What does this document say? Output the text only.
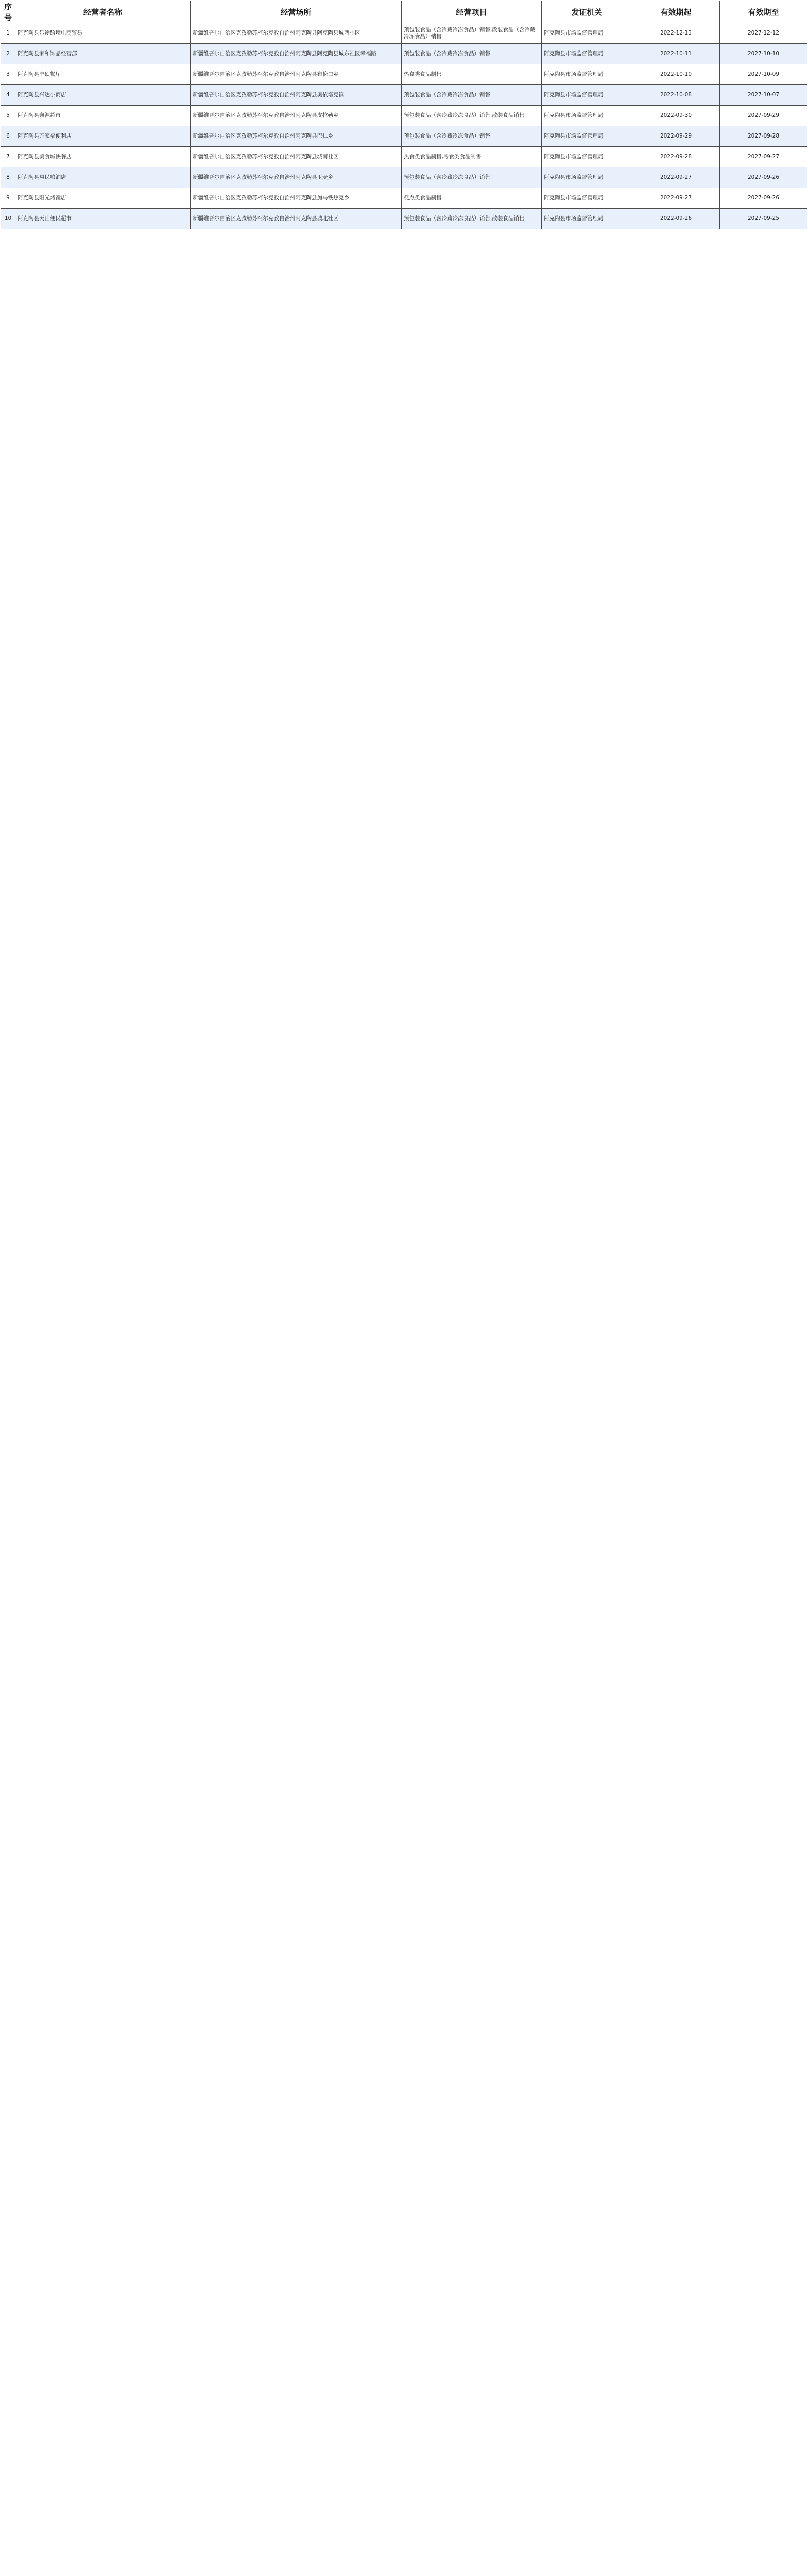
序号	经营者名称	经营场所	经营项目	发证机关	有效期起	有效期至
1	阿克陶县乐途跨境电商贸易	新疆维吾尔自治区克孜勒苏柯尔克孜自治州阿克陶县阿克陶县城西小区	预包装食品（含冷藏冷冻食品）销售,散装食品（含冷藏冷冻食品）销售	阿克陶县市场监督管理局	2022-12-13	2027-12-12
2	阿克陶县家和饰品经营部	新疆维吾尔自治区克孜勒苏柯尔克孜自治州阿克陶县阿克陶县城东社区幸福路	预包装食品（含冷藏冷冻食品）销售	阿克陶县市场监督管理局	2022-10-11	2027-10-10
3	阿克陶县丰硕餐厅	新疆维吾尔自治区克孜勒苏柯尔克孜自治州阿克陶县布伦口乡	热食类食品制售	阿克陶县市场监督管理局	2022-10-10	2027-10-09
4	阿克陶县兴达小商店	新疆维吾尔自治区克孜勒苏柯尔克孜自治州阿克陶县奥依塔克镇	预包装食品（含冷藏冷冻食品）销售	阿克陶县市场监督管理局	2022-10-08	2027-10-07
5	阿克陶县鑫源超市	新疆维吾尔自治区克孜勒苏柯尔克孜自治州阿克陶县皮拉勒乡	预包装食品（含冷藏冷冻食品）销售,散装食品销售	阿克陶县市场监督管理局	2022-09-30	2027-09-29
6	阿克陶县万家福便利店	新疆维吾尔自治区克孜勒苏柯尔克孜自治州阿克陶县巴仁乡	预包装食品（含冷藏冷冻食品）销售	阿克陶县市场监督管理局	2022-09-29	2027-09-28
7	阿克陶县美食城快餐店	新疆维吾尔自治区克孜勒苏柯尔克孜自治州阿克陶县城南社区	热食类食品制售,冷食类食品制售	阿克陶县市场监督管理局	2022-09-28	2027-09-27
8	阿克陶县惠民粮油店	新疆维吾尔自治区克孜勒苏柯尔克孜自治州阿克陶县玉麦乡	预包装食品（含冷藏冷冻食品）销售	阿克陶县市场监督管理局	2022-09-27	2027-09-26
9	阿克陶县阳光烤馕店	新疆维吾尔自治区克孜勒苏柯尔克孜自治州阿克陶县加马铁热克乡	糕点类食品制售	阿克陶县市场监督管理局	2022-09-27	2027-09-26
10	阿克陶县天山便民超市	新疆维吾尔自治区克孜勒苏柯尔克孜自治州阿克陶县城北社区	预包装食品（含冷藏冷冻食品）销售,散装食品销售	阿克陶县市场监督管理局	2022-09-26	2027-09-25
